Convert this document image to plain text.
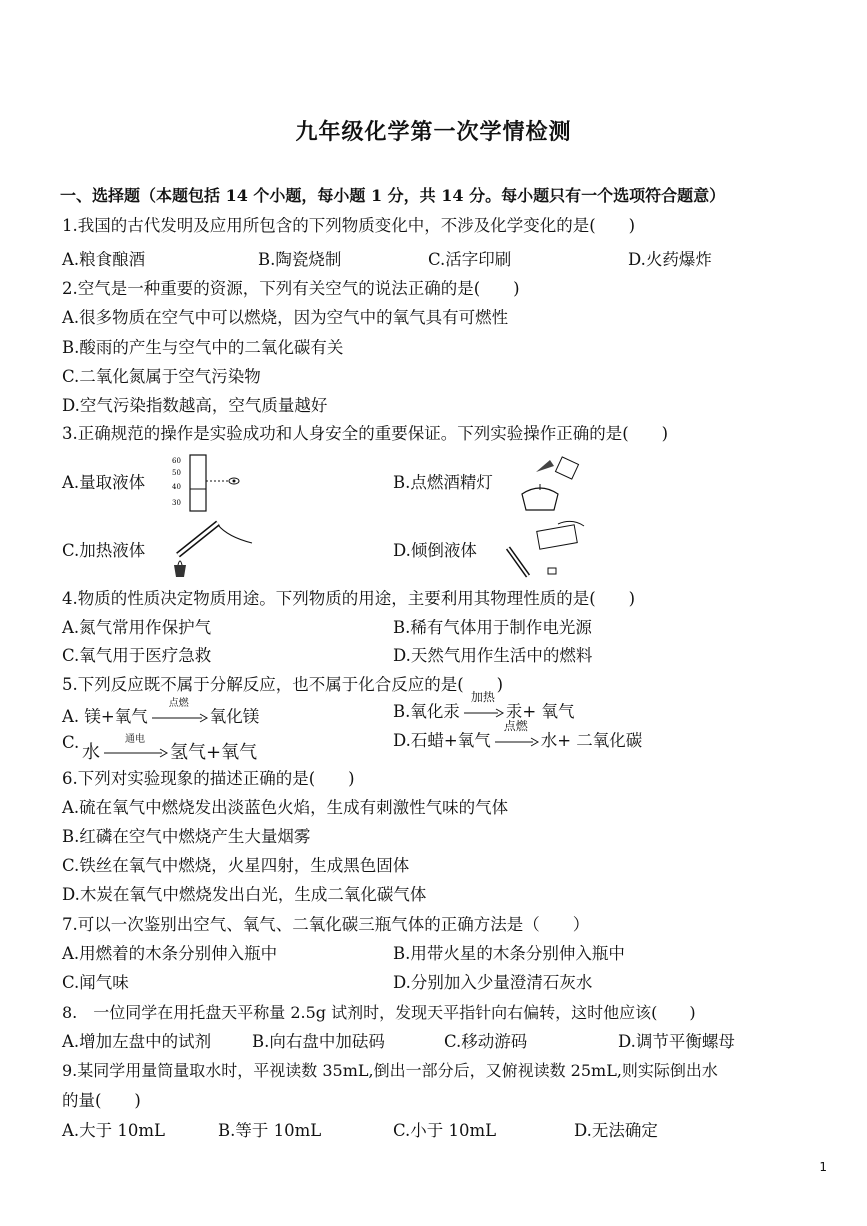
九年级化学第一次学情检测
一、选择题（本题包括 14 个小题，每小题 1 分，共 14 分。每小题只有一个选项符合题意）
1.我国的古代发明及应用所包含的下列物质变化中，不涉及化学变化的是(　　)
A.粮食酿酒	B.陶瓷烧制	C.活字印刷	D.火药爆炸
2.空气是一种重要的资源，下列有关空气的说法正确的是(　　)
A.很多物质在空气中可以燃烧，因为空气中的氧气具有可燃性
B.酸雨的产生与空气中的二氧化碳有关
C.二氧化氮属于空气污染物
D.空气污染指数越高，空气质量越好
3.正确规范的操作是实验成功和人身安全的重要保证。下列实验操作正确的是(　　)
A.量取液体
60
50
40
30
B.点燃酒精灯
C.加热液体	D.倾倒液体
4.物质的性质决定物质用途。下列物质的用途，主要利用其物理性质的是(　　)
A.氮气常用作保护气	B.稀有气体用于制作电光源
C.氧气用于医疗急救	D.天然气用作生活中的燃料
5.下列反应既不属于分解反应，也不属于化合反应的是(　　)
A. 镁+氧气
点燃
氧化镁	B.氧化汞
加热
汞+ 氧气
C. 水
通电
氢气+氧气
D.石蜡+氧气
点燃
水+ 二氧化碳
6.下列对实验现象的描述正确的是(　　)
A.硫在氧气中燃烧发出淡蓝色火焰，生成有刺激性气味的气体
B.红磷在空气中燃烧产生大量烟雾
C.铁丝在氧气中燃烧，火星四射，生成黑色固体
D.木炭在氧气中燃烧发出白光，生成二氧化碳气体
7.可以一次鉴别出空气、氧气、二氧化碳三瓶气体的正确方法是（　　）
A.用燃着的木条分别伸入瓶中	B.用带火星的木条分别伸入瓶中
C.闻气味	D.分别加入少量澄清石灰水
8.　一位同学在用托盘天平称量 2.5g 试剂时，发现天平指针向右偏转，这时他应该(　　)
A.增加左盘中的试剂 B.向右盘中加砝码	C.移动游码	D.调节平衡螺母
9.某同学用量筒量取水时，平视读数 35mL,倒出一部分后，又俯视读数 25mL,则实际倒出水
的量(　　)
A.大于 10mL	B.等于 10mL	C.小于 10mL	D.无法确定
1
